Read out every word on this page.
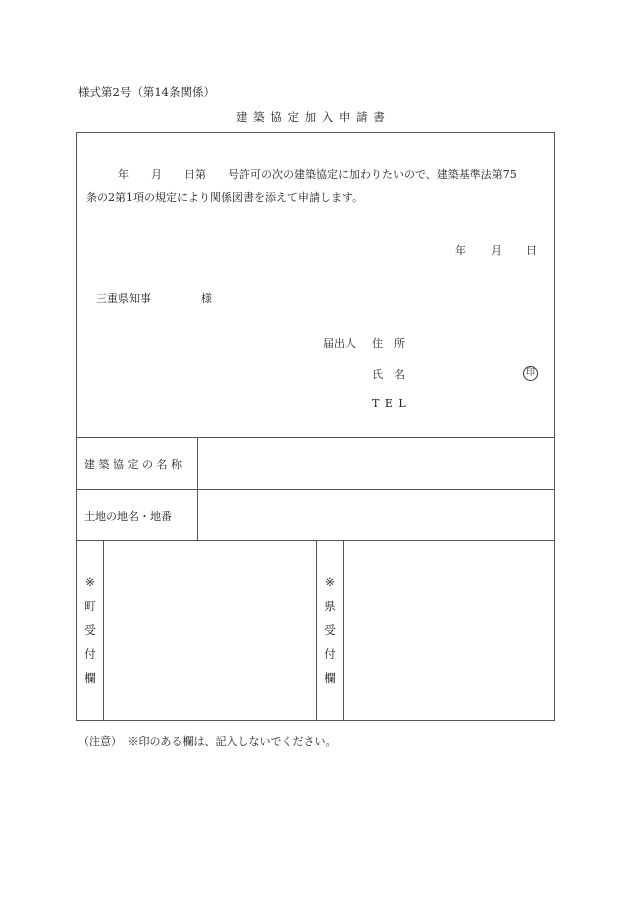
様式第2号（第14条関係）
建 築 協 定 加 入 申 請 書
年　　月　　日第　　号許可の次の建築協定に加わりたいので、建築基準法第75
条の2第1項の規定により関係図書を添えて申請します。
年 月 日
三重県知事	様
届出人 住　所
氏　名	印
T E L
建 築 協 定 の 名 称
土地の地名・地番
※
町
受
付
欄
※
県
受
付
欄
（注意）　※印のある欄は、記入しないでください。
